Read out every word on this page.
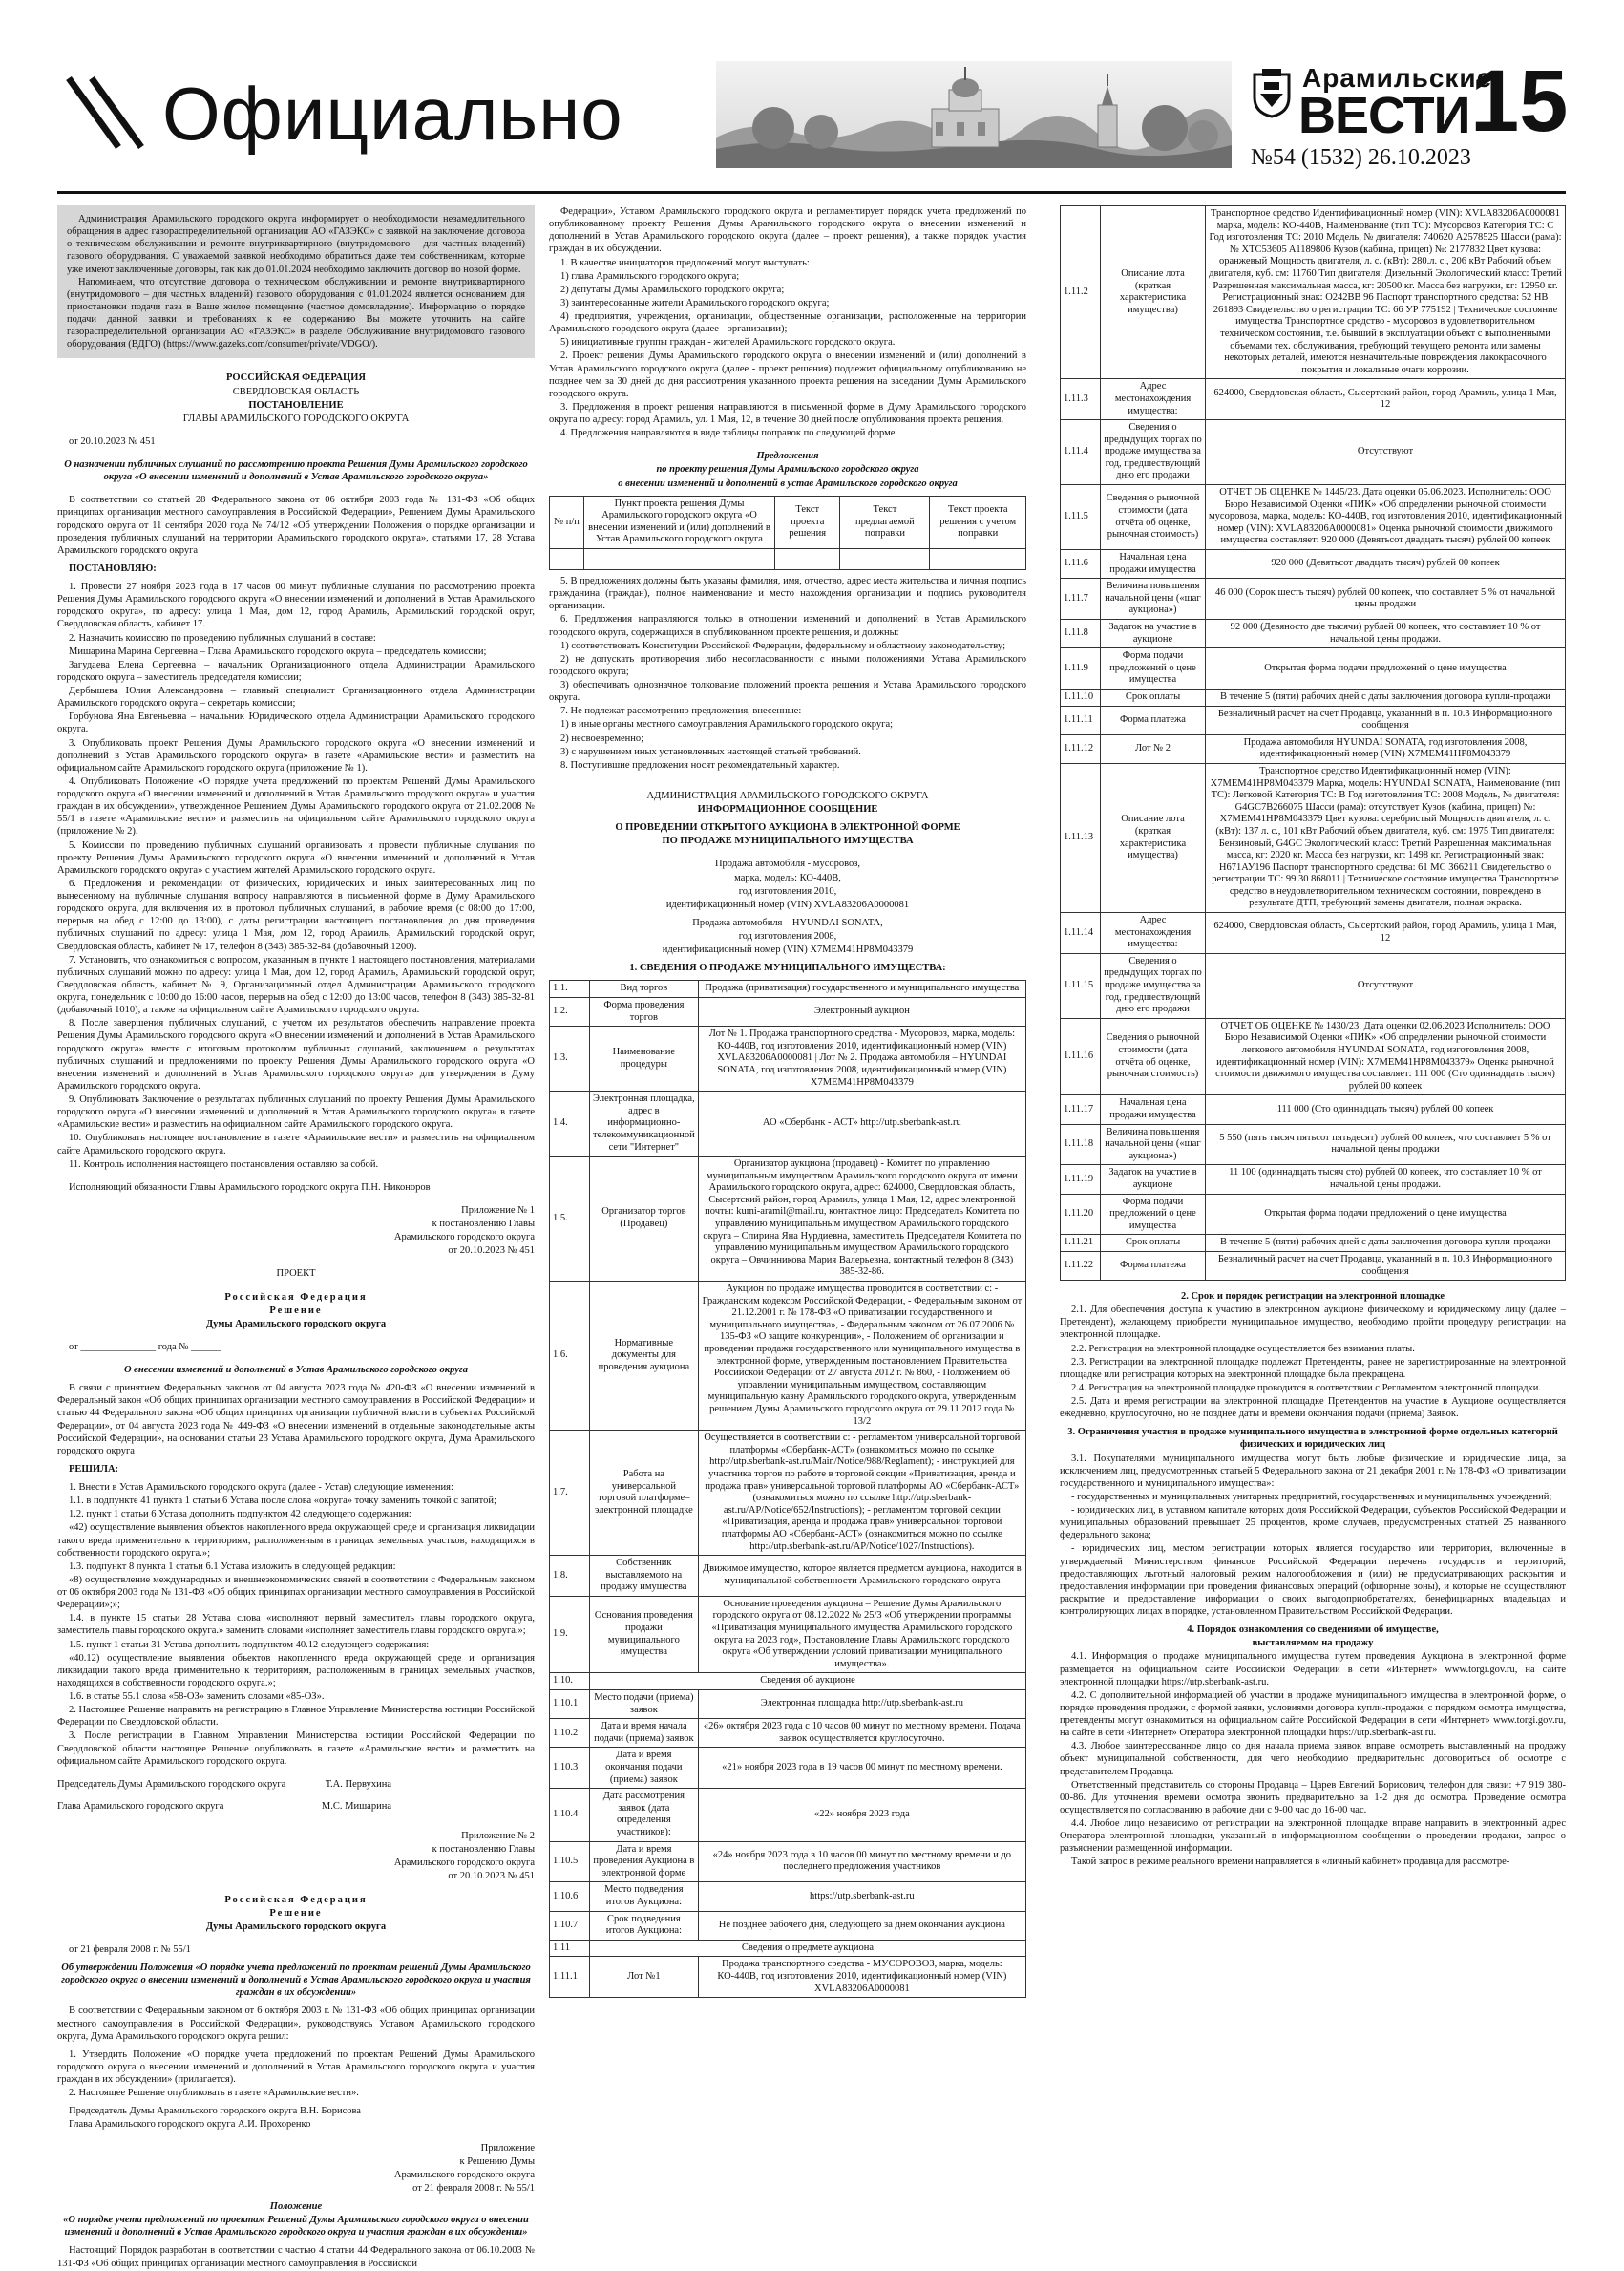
Официально	Арамильские
ВЕСТИ 15
№54 (1532) 26.10.2023

Администрация Арамильского городского округа информирует о необходимости незамедлительного обращения в адрес газораспределительной организации АО «ГАЗЭКС» с заявкой на заключение договора о техническом обслуживании и ремонте внутриквартирного (внутридомового – для частных владений) газового оборудования. С уважаемой заявкой необходимо обратиться даже тем собственникам, которые уже имеют заключенные договоры, так как до 01.01.2024 необходимо заключить договор по новой форме.

Напоминаем, что отсутствие договора о техническом обслуживании и ремонте внутриквартирного (внутридомового – для частных владений) газового оборудования с 01.01.2024 является основанием для приостановки подачи газа в Ваше жилое помещение (частное домовладение). Информацию о порядке подачи данной заявки и требованиях к ее содержанию Вы можете уточнить на сайте газораспределительной организации АО «ГАЗЭКС» в разделе Обслуживание внутридомового газового оборудования (ВДГО) (https://www.gazeks.com/consumer/private/VDGO/).

РОССИЙСКАЯ ФЕДЕРАЦИЯ

СВЕРДЛОВСКАЯ ОБЛАСТЬ

ПОСТАНОВЛЕНИЕ

ГЛАВЫ АРАМИЛЬСКОГО ГОРОДСКОГО ОКРУГА

от 20.10.2023 № 451

О назначении публичных слушаний по рассмотрению проекта Решения Думы Арамильского городского округа «О внесении изменений и дополнений в Устав Арамильского городского округа»

В соответствии со статьей 28 Федерального закона от 06 октября 2003 года № 131-ФЗ «Об общих принципах организации местного самоуправления в Российской Федерации», Решением Думы Арамильского городского округа от 11 сентября 2020 года № 74/12 «Об утверждении Положения о порядке организации и проведения публичных слушаний на территории Арамильского городского округа», статьями 17, 28 Устава Арамильского городского округа

ПОСТАНОВЛЯЮ:

1. Провести 27 ноября 2023 года в 17 часов 00 минут публичные слушания по рассмотрению проекта Решения Думы Арамильского городского округа «О внесении изменений и дополнений в Устав Арамильского городского округа», по адресу: улица 1 Мая, дом 12, город Арамиль, Арамильский городской округ, Свердловская область, кабинет 17.

2. Назначить комиссию по проведению публичных слушаний в составе:

Мишарина Марина Сергеевна – Глава Арамильского городского округа – председатель комиссии;

Загудаева Елена Сергеевна – начальник Организационного отдела Администрации Арамильского городского округа – заместитель председателя комиссии;

Дербышева Юлия Александровна – главный специалист Организационного отдела Администрации Арамильского городского округа – секретарь комиссии;

Горбунова Яна Евгеньевна – начальник Юридического отдела Администрации Арамильского городского округа.

3. Опубликовать проект Решения Думы Арамильского городского округа «О внесении изменений и дополнений в Устав Арамильского городского округа» в газете «Арамильские вести» и разместить на официальном сайте Арамильского городского округа (приложение № 1).

4. Опубликовать Положение «О порядке учета предложений по проектам Решений Думы Арамильского городского округа «О внесении изменений и дополнений в Устав Арамильского городского округа» и участия граждан в их обсуждении», утвержденное Решением Думы Арамильского городского округа от 21.02.2008 № 55/1 в газете «Арамильские вести» и разместить на официальном сайте Арамильского городского округа (приложение № 2).

5. Комиссии по проведению публичных слушаний организовать и провести публичные слушания по проекту Решения Думы Арамильского городского округа «О внесении изменений и дополнений в Устав Арамильского городского округа» с участием жителей Арамильского городского округа.

6. Предложения и рекомендации от физических, юридических и иных заинтересованных лиц по вынесенному на публичные слушания вопросу направляются в письменной форме в Думу Арамильского городского округа, для включения их в протокол публичных слушаний, в рабочие время (с 08:00 до 17:00, перерыв на обед с 12:00 до 13:00), с даты регистрации настоящего постановления до дня проведения публичных слушаний по адресу: улица 1 Мая, дом 12, город Арамиль, Арамильский городской округ, Свердловская область, кабинет № 17, телефон 8 (343) 385-32-84 (добавочный 1200).

7. Установить, что ознакомиться с вопросом, указанным в пункте 1 настоящего постановления, материалами публичных слушаний можно по адресу: улица 1 Мая, дом 12, город Арамиль, Арамильский городской округ, Свердловская область, кабинет № 9, Организационный отдел Администрации Арамильского городского округа, понедельник с 10:00 до 16:00 часов, перерыв на обед с 12:00 до 13:00 часов, телефон 8 (343) 385-32-81 (добавочный 1010), а также на официальном сайте Арамильского городского округа.

8. После завершения публичных слушаний, с учетом их результатов обеспечить направление проекта Решения Думы Арамильского городского округа «О внесении изменений и дополнений в Устав Арамильского городского округа» вместе с итоговым протоколом публичных слушаний, заключением о результатах публичных слушаний и предложениями по проекту Решения Думы Арамильского городского округа «О внесении изменений и дополнений в Устав Арамильского городского округа» для утверждения в Думу Арамильского городского округа.

9. Опубликовать Заключение о результатах публичных слушаний по проекту Решения Думы Арамильского городского округа «О внесении изменений и дополнений в Устав Арамильского городского округа» в газете «Арамильские вести» и разместить на официальном сайте Арамильского городского округа.

10. Опубликовать настоящее постановление в газете «Арамильские вести» и разместить на официальном сайте Арамильского городского округа.

11. Контроль исполнения настоящего постановления оставляю за собой.

Исполняющий обязанности Главы Арамильского городского округа П.Н. Никоноров

Приложение № 1

к постановлению Главы

Арамильского городского округа

от 20.10.2023 № 451

ПРОЕКТ

Российская Федерация

Решение

Думы Арамильского городского округа

от _______________ года № ______

О внесении изменений и дополнений в Устав Арамильского городского округа

В связи с принятием Федеральных законов от 04 августа 2023 года № 420-ФЗ «О внесении изменений в Федеральный закон «Об общих принципах организации местного самоуправления в Российской Федерации» и статью 44 Федерального закона «Об общих принципах организации публичной власти в субъектах Российской Федерации», от 04 августа 2023 года № 449-ФЗ «О внесении изменений в отдельные законодательные акты Российской Федерации», на основании статьи 23 Устава Арамильского городского округа, Дума Арамильского городского округа

РЕШИЛА:

1. Внести в Устав Арамильского городского округа (далее - Устав) следующие изменения:

1.1. в подпункте 41 пункта 1 статьи 6 Устава после слова «округа» точку заменить точкой с запятой;

1.2. пункт 1 статьи 6 Устава дополнить подпунктом 42 следующего содержания:

«42) осуществление выявления объектов накопленного вреда окружающей среде и организация ликвидации такого вреда применительно к территориям, расположенным в границах земельных участков, находящихся в собственности городского округа.»;

1.3. подпункт 8 пункта 1 статьи 6.1 Устава изложить в следующей редакции:

«8) осуществление международных и внешнеэкономических связей в соответствии с Федеральным законом от 06 октября 2003 года № 131-ФЗ «Об общих принципах организации местного самоуправления в Российской Федерации»;»;

1.4. в пункте 15 статьи 28 Устава слова «исполняют первый заместитель главы городского округа, заместитель главы городского округа.» заменить словами «исполняет заместитель главы городского округа.»;

1.5. пункт 1 статьи 31 Устава дополнить подпунктом 40.12 следующего содержания:

«40.12) осуществление выявления объектов накопленного вреда окружающей среде и организация ликвидации такого вреда применительно к территориям, расположенным в границах земельных участков, находящихся в собственности городского округа.»;

1.6. в статье 55.1 слова «58-ОЗ» заменить словами «85-ОЗ».

2. Настоящее Решение направить на регистрацию в Главное Управление Министерства юстиции Российской Федерации по Свердловской области.

3. После регистрации в Главном Управлении Министерства юстиции Российской Федерации по Свердловской области настоящее Решение опубликовать в газете «Арамильские вести» и разместить на официальном сайте Арамильского городского округа.

Председатель Думы Арамильского городского округа	Т.А. Первухина
Глава Арамильского городского округа	М.С. Мишарина

Приложение № 2

к постановлению Главы

Арамильского городского округа

от 20.10.2023 № 451

Российская Федерация

Решение

Думы Арамильского городского округа

от 21 февраля 2008 г. № 55/1

Об утверждении Положения «О порядке учета предложений по проектам решений Думы Арамильского городского округа о внесении изменений и дополнений в Устав Арамильского городского округа и участия граждан в их обсуждении»

В соответствии с Федеральным законом от 6 октября 2003 г. № 131-ФЗ «Об общих принципах организации местного самоуправления в Российской Федерации», руководствуясь Уставом Арамильского городского округа, Дума Арамильского городского округа решил:

1. Утвердить Положение «О порядке учета предложений по проектам Решений Думы Арамильского городского округа о внесении изменений и дополнений в Устав Арамильского городского округа и участия граждан в их обсуждении» (прилагается).

2. Настоящее Решение опубликовать в газете «Арамильские вести».

Председатель Думы Арамильского городского округа В.Н. Борисова

Глава Арамильского городского округа А.И. Прохоренко

Приложение

к Решению Думы

Арамильского городского округа

от 21 февраля 2008 г. № 55/1

Положение

«О порядке учета предложений по проектам Решений Думы Арамильского городского округа о внесении изменений и дополнений в Устав Арамильского городского округа и участия граждан в их обсуждении»

Настоящий Порядок разработан в соответствии с частью 4 статьи 44 Федерального закона от 06.10.2003 № 131-ФЗ «Об общих принципах организации местного самоуправления в Российской

Федерации», Уставом Арамильского городского округа и регламентирует порядок учета предложений по опубликованному проекту Решения Думы Арамильского городского округа о внесении изменений и дополнений в Устав Арамильского городского округа (далее – проект решения), а также порядок участия граждан в их обсуждении.

1. В качестве инициаторов предложений могут выступать:

1) глава Арамильского городского округа;

2) депутаты Думы Арамильского городского округа;

3) заинтересованные жители Арамильского городского округа;

4) предприятия, учреждения, организации, общественные организации, расположенные на территории Арамильского городского округа (далее - организации);

5) инициативные группы граждан - жителей Арамильского городского округа.

2. Проект решения Думы Арамильского городского округа о внесении изменений и (или) дополнений в Устав Арамильского городского округа (далее - проект решения) подлежит официальному опубликованию не позднее чем за 30 дней до дня рассмотрения указанного проекта решения на заседании Думы Арамильского городского округа.

3. Предложения в проект решения направляются в письменной форме в Думу Арамильского городского округа по адресу: город Арамиль, ул. 1 Мая, 12, в течение 30 дней после опубликования проекта решения.

4. Предложения направляются в виде таблицы поправок по следующей форме

Предложения

по проекту решения Думы Арамильского городского округа

о внесении изменений и дополнений в устав Арамильского городского округа

№ п/п	Пункт проекта решения Думы Арамильского городского округа «О внесении изменений и (или) дополнений в Устав Арамильского городского округа	Текст проекта решения	Текст предлагаемой поправки	Текст проекта решения с учетом поправки

5. В предложениях должны быть указаны фамилия, имя, отчество, адрес места жительства и личная подпись гражданина (граждан), полное наименование и место нахождения организации и подпись руководителя организации.

6. Предложения направляются только в отношении изменений и дополнений в Устав Арамильского городского округа, содержащихся в опубликованном проекте решения, и должны:

1) соответствовать Конституции Российской Федерации, федеральному и областному законодательству;

2) не допускать противоречия либо несогласованности с иными положениями Устава Арамильского городского округа;

3) обеспечивать однозначное толкование положений проекта решения и Устава Арамильского городского округа.

7. Не подлежат рассмотрению предложения, внесенные:

1) в иные органы местного самоуправления Арамильского городского округа;

2) несвоевременно;

3) с нарушением иных установленных настоящей статьей требований.

8. Поступившие предложения носят рекомендательный характер.

АДМИНИСТРАЦИЯ АРАМИЛЬСКОГО ГОРОДСКОГО ОКРУГА

ИНФОРМАЦИОННОЕ СООБЩЕНИЕ

О ПРОВЕДЕНИИ ОТКРЫТОГО АУКЦИОНА В ЭЛЕКТРОННОЙ ФОРМЕ

ПО ПРОДАЖЕ МУНИЦИПАЛЬНОГО ИМУЩЕСТВА

Продажа автомобиля - мусоровоз,

марка, модель: КО-440В,

год изготовления 2010,

идентификационный номер (VIN) XVLA83206A0000081

Продажа автомобиля – HYUNDAI SONATA,

год изготовления 2008,

идентификационный номер (VIN) X7MEM41HP8M043379

1. СВЕДЕНИЯ О ПРОДАЖЕ МУНИЦИПАЛЬНОГО ИМУЩЕСТВА:

1.1.	Вид торгов	Продажа (приватизация) государственного и муниципального имущества
1.2.	Форма проведения торгов	Электронный аукцион
1.3.	Наименование процедуры	Лот № 1. Продажа транспортного средства - Мусоровоз, марка, модель: КО-440В, год изготовления 2010, идентификационный номер (VIN) XVLA83206A0000081 | Лот № 2. Продажа автомобиля – HYUNDAI SONATA, год изготовления 2008, идентификационный номер (VIN) X7MEM41HP8M043379
1.4.	Электронная площадка, адрес в информационно-телекоммуникационной сети "Интернет"	АО «Сбербанк - АСТ» http://utp.sberbank-ast.ru
1.5.	Организатор торгов (Продавец)	Организатор аукциона (продавец) - Комитет по управлению муниципальным имуществом Арамильского городского округа от имени Арамильского городского округа, адрес: 624000, Свердловская область, Сысертский район, город Арамиль, улица 1 Мая, 12, адрес электронной почты: kumi-aramil@mail.ru, контактное лицо: Председатель Комитета по управлению муниципальным имуществом Арамильского городского округа – Спирина Яна Нурдиевна, заместитель Председателя Комитета по управлению муниципальным имуществом Арамильского городского округа – Овчинникова Мария Валерьевна, контактный телефон 8 (343) 385-32-86.
1.6.	Нормативные документы для проведения аукциона	Аукцион по продаже имущества проводится в соответствии с: - Гражданским кодексом Российской Федерации, - Федеральным законом от 21.12.2001 г. № 178-ФЗ «О приватизации государственного и муниципального имущества», - Федеральным законом от 26.07.2006 № 135-ФЗ «О защите конкуренции», - Положением об организации и проведении продажи государственного или муниципального имущества в электронной форме, утвержденным постановлением Правительства Российской Федерации от 27 августа 2012 г. № 860, - Положением об управлении муниципальным имуществом, составляющим муниципальную казну Арамильского городского округа, утвержденным решением Думы Арамильского городского округа от 29.11.2012 года № 13/2
1.7.	Работа на универсальной торговой платформе– электронной площадке	Осуществляется в соответствии с: - регламентом универсальной торговой платформы «Сбербанк-АСТ» (ознакомиться можно по ссылке http://utp.sberbank-ast.ru/Main/Notice/988/Reglament); - инструкцией для участника торгов по работе в торговой секции «Приватизация, аренда и продажа прав» универсальной торговой платформы АО «Сбербанк-АСТ» (ознакомиться можно по ссылке http://utp.sberbank-ast.ru/AP/Notice/652/Instructions); - регламентом торговой секции «Приватизация, аренда и продажа прав» универсальной торговой платформы АО «Сбербанк-АСТ» (ознакомиться можно по ссылке http://utp.sberbank-ast.ru/AP/Notice/1027/Instructions).
1.8.	Собственник выставляемого на продажу имущества	Движимое имущество, которое является предметом аукциона, находится в муниципальной собственности Арамильского городского округа
1.9.	Основания проведения продажи муниципального имущества	Основание проведения аукциона – Решение Думы Арамильского городского округа от 08.12.2022 № 25/3 «Об утверждении программы «Приватизация муниципального имущества Арамильского городского округа на 2023 год», Постановление Главы Арамильского городского округа «Об утверждении условий приватизации муниципального имущества».
1.10.	Сведения об аукционе	
1.10.1	Место подачи (приема) заявок	Электронная площадка http://utp.sberbank-ast.ru
1.10.2	Дата и время начала подачи (приема) заявок	«26» октября 2023 года с 10 часов 00 минут по местному времени. Подача заявок осуществляется круглосуточно.
1.10.3	Дата и время окончания подачи (приема) заявок	«21» ноября 2023 года в 19 часов 00 минут по местному времени.
1.10.4	Дата рассмотрения заявок (дата определения участников):	«22» ноября 2023 года
1.10.5	Дата и время проведения Аукциона в электронной форме	«24» ноября 2023 года в 10 часов 00 минут по местному времени и до последнего предложения участников
1.10.6	Место подведения итогов Аукциона:	https://utp.sberbank-ast.ru
1.10.7	Срок подведения итогов Аукциона:	Не позднее рабочего дня, следующего за днем окончания аукциона
1.11	Сведения о предмете аукциона	
1.11.1	Лот №1	Продажа транспортного средства - МУСОРОВОЗ, марка, модель: КО-440В, год изготовления 2010, идентификационный номер (VIN) XVLA83206A0000081
1.11.2	Описание лота (краткая характеристика имущества)	Транспортное средство Идентификационный номер (VIN): XVLA83206A0000081 марка, модель: КО-440В, Наименование (тип ТС): Мусоровоз Категория ТС: С Год изготовления ТС: 2010 Модель, № двигателя: 740620 A2578525 Шасси (рама): № XTC53605 A1189806 Кузов (кабина, прицеп) №: 2177832 Цвет кузова: оранжевый Мощность двигателя, л. с. (кВт): 280.л. с., 206 кВт Рабочий объем двигателя, куб. см: 11760 Тип двигателя: Дизельный Экологический класс: Третий Разрешенная максимальная масса, кг: 20500 кг. Масса без нагрузки, кг: 12950 кг. Регистрационный знак: О242ВВ 96 Паспорт транспортного средства: 52 НВ 261893 Свидетельство о регистрации ТС: 66 УР 775192 | Техническое состояние имущества Транспортное средство - мусоровоз в удовлетворительном техническом состоянии, т.е. бывший в эксплуатации объект с выполненными объемами тех. обслуживания, требующий текущего ремонта или замены некоторых деталей, имеются незначительные повреждения лакокрасочного покрытия и локальные очаги коррозии.
1.11.3	Адрес местонахождения имущества:	624000, Свердловская область, Сысертский район, город Арамиль, улица 1 Мая, 12
1.11.4	Сведения о предыдущих торгах по продаже имущества за год, предшествующий дню его продажи	Отсутствуют
1.11.5	Сведения о рыночной стоимости (дата отчёта об оценке, рыночная стоимость)	ОТЧЕТ ОБ ОЦЕНКЕ № 1445/23. Дата оценки 05.06.2023. Исполнитель: ООО Бюро Независимой Оценки «ПИК» «Об определении рыночной стоимости мусоровоза, марка, модель: КО-440В, год изготовления 2010, идентификационный номер (VIN): XVLA83206A0000081» Оценка рыночной стоимости движимого имущества составляет: 920 000 (Девятьсот двадцать тысяч) рублей 00 копеек
1.11.6	Начальная цена продажи имущества	920 000 (Девятьсот двадцать тысяч) рублей 00 копеек
1.11.7	Величина повышения начальной цены («шаг аукциона»)	46 000 (Сорок шесть тысяч) рублей 00 копеек, что составляет 5 % от начальной цены продажи
1.11.8	Задаток на участие в аукционе	92 000 (Девяносто две тысячи) рублей 00 копеек, что составляет 10 % от начальной цены продажи.
1.11.9	Форма подачи предложений о цене имущества	Открытая форма подачи предложений о цене имущества
1.11.10	Срок оплаты	В течение 5 (пяти) рабочих дней с даты заключения договора купли-продажи
1.11.11	Форма платежа	Безналичный расчет на счет Продавца, указанный в п. 10.3 Информационного сообщения
1.11.12	Лот № 2	Продажа автомобиля HYUNDAI SONATA, год изготовления 2008, идентификационный номер (VIN) X7MEM41HP8M043379
1.11.13	Описание лота (краткая характеристика имущества)	Транспортное средство Идентификационный номер (VIN): X7MEM41HP8M043379 Марка, модель: HYUNDAI SONATA, Наименование (тип ТС): Легковой Категория ТС: В Год изготовления ТС: 2008 Модель, № двигателя: G4GC7B266075 Шасси (рама): отсутствует Кузов (кабина, прицеп) №: X7MEM41HP8M043379 Цвет кузова: серебристый Мощность двигателя, л. с. (кВт): 137 л. с., 101 кВт Рабочий объем двигателя, куб. см: 1975 Тип двигателя: Бензиновый, G4GC Экологический класс: Третий Разрешенная максимальная масса, кг: 2020 кг. Масса без нагрузки, кг: 1498 кг. Регистрационный знак: Н671АУ196 Паспорт транспортного средства: 61 МС 366211 Свидетельство о регистрации ТС: 99 30 868011 | Техническое состояние имущества Транспортное средство в неудовлетворительном техническом состоянии, повреждено в результате ДТП, требующий замены двигателя, полная окраска.
1.11.14	Адрес местонахождения имущества:	624000, Свердловская область, Сысертский район, город Арамиль, улица 1 Мая, 12
1.11.15	Сведения о предыдущих торгах по продаже имущества за год, предшествующий дню его продажи	Отсутствуют
1.11.16	Сведения о рыночной стоимости (дата отчёта об оценке, рыночная стоимость)	ОТЧЕТ ОБ ОЦЕНКЕ № 1430/23. Дата оценки 02.06.2023 Исполнитель: ООО Бюро Независимой Оценки «ПИК» «Об определении рыночной стоимости легкового автомобиля HYUNDAI SONATA, год изготовления 2008, идентификационный номер (VIN): X7MEM41HP8M043379» Оценка рыночной стоимости движимого имущества составляет: 111 000 (Сто одиннадцать тысяч) рублей 00 копеек
1.11.17	Начальная цена продажи имущества	111 000 (Сто одиннадцать тысяч) рублей 00 копеек
1.11.18	Величина повышения начальной цены («шаг аукциона»)	5 550 (пять тысяч пятьсот пятьдесят) рублей 00 копеек, что составляет 5 % от начальной цены продажи
1.11.19	Задаток на участие в аукционе	11 100 (одиннадцать тысяч сто) рублей 00 копеек, что составляет 10 % от начальной цены продажи.
1.11.20	Форма подачи предложений о цене имущества	Открытая форма подачи предложений о цене имущества
1.11.21	Срок оплаты	В течение 5 (пяти) рабочих дней с даты заключения договора купли-продажи
1.11.22	Форма платежа	Безналичный расчет на счет Продавца, указанный в п. 10.3 Информационного сообщения

2. Срок и порядок регистрации на электронной площадке

2.1. Для обеспечения доступа к участию в электронном аукционе физическому и юридическому лицу (далее – Претендент), желающему приобрести муниципальное имущество, необходимо пройти процедуру регистрации на электронной площадке.

2.2. Регистрация на электронной площадке осуществляется без взимания платы.

2.3. Регистрации на электронной площадке подлежат Претенденты, ранее не зарегистрированные на электронной площадке или регистрация которых на электронной площадке была прекращена.

2.4. Регистрация на электронной площадке проводится в соответствии с Регламентом электронной площадки.

2.5. Дата и время регистрации на электронной площадке Претендентов на участие в Аукционе осуществляется ежедневно, круглосуточно, но не позднее даты и времени окончания подачи (приема) Заявок.

3. Ограничения участия в продаже муниципального имущества в электронной форме отдельных категорий физических и юридических лиц

3.1. Покупателями муниципального имущества могут быть любые физические и юридические лица, за исключением лиц, предусмотренных статьей 5 Федерального закона от 21 декабря 2001 г. № 178-ФЗ «О приватизации государственного и муниципального имущества»:

- государственных и муниципальных унитарных предприятий, государственных и муниципальных учреждений;

- юридических лиц, в уставном капитале которых доля Российской Федерации, субъектов Российской Федерации и муниципальных образований превышает 25 процентов, кроме случаев, предусмотренных статьей 25 названного федерального закона;

- юридических лиц, местом регистрации которых является государство или территория, включенные в утверждаемый Министерством финансов Российской Федерации перечень государств и территорий, предоставляющих льготный налоговый режим налогообложения и (или) не предусматривающих раскрытия и предоставления информации при проведении финансовых операций (офшорные зоны), и которые не осуществляют раскрытие и предоставление информации о своих выгодоприобретателях, бенефициарных владельцах и контролирующих лицах в порядке, установленном Правительством Российской Федерации.

4. Порядок ознакомления со сведениями об имуществе,

выставляемом на продажу

4.1. Информация о продаже муниципального имущества путем проведения Аукциона в электронной форме размещается на официальном сайте Российской Федерации в сети «Интернет» www.torgi.gov.ru, на сайте электронной площадки https://utp.sberbank-ast.ru.

4.2. С дополнительной информацией об участии в продаже муниципального имущества в электронной форме, о порядке проведения продажи, с формой заявки, условиями договора купли-продажи, с порядком осмотра имущества, претенденты могут ознакомиться на официальном сайте Российской Федерации в сети «Интернет» www.torgi.gov.ru, на сайте в сети «Интернет» Оператора электронной площадки https://utp.sberbank-ast.ru.

4.3. Любое заинтересованное лицо со дня начала приема заявок вправе осмотреть выставленный на продажу объект муниципальной собственности, для чего необходимо предварительно договориться об осмотре с представителем Продавца.

Ответственный представитель со стороны Продавца – Царев Евгений Борисович, телефон для связи: +7 919 380-00-86. Для уточнения времени осмотра звонить предварительно за 1-2 дня до осмотра. Проведение осмотра осуществляется по согласованию в рабочие дни с 9-00 час до 16-00 час.

4.4. Любое лицо независимо от регистрации на электронной площадке вправе направить в электронный адрес Оператора электронной площадки, указанный в информационном сообщении о проведении продажи, запрос о разъяснении размещенной информации.

Такой запрос в режиме реального времени направляется в «личный кабинет» продавца для рассмотре-
